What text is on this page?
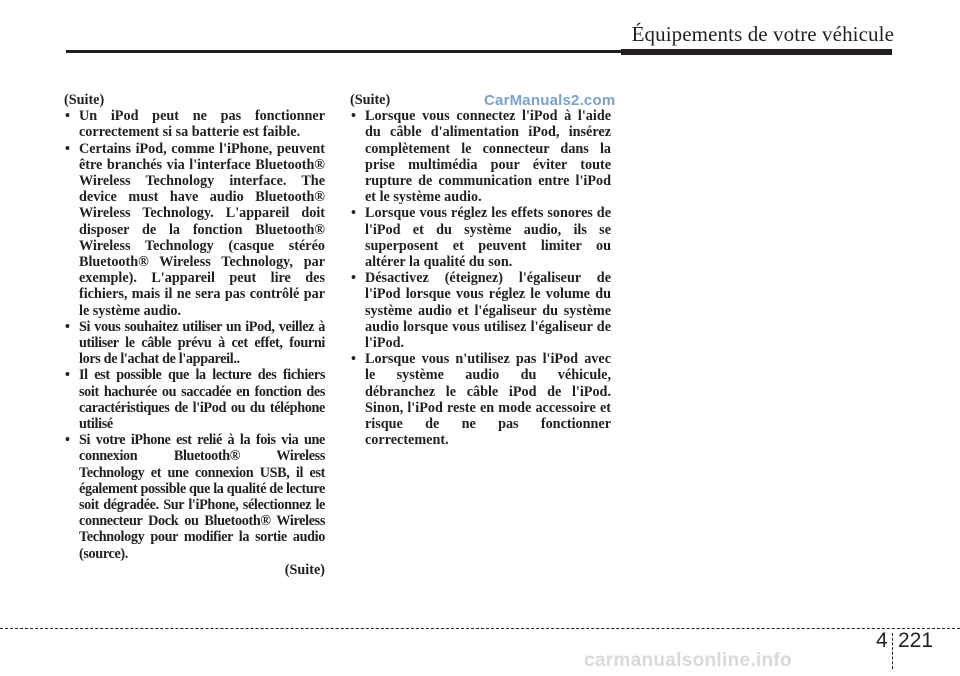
Équipements de votre véhicule
CarManuals2.com

(Suite)

• Un iPod peut ne pas fonctionner correctement si sa batterie est faible.
• Certains iPod, comme l'iPhone, peuvent être branchés via l'interface Bluetooth® Wireless Technology interface. The device must have audio Bluetooth® Wireless Technology. L'appareil doit disposer de la fonction Bluetooth® Wireless Technology (casque stéréo Bluetooth® Wireless Technology, par exemple). L'appareil peut lire des fichiers, mais il ne sera pas contrôlé par le système audio.
• Si vous souhaitez utiliser un iPod, veillez à utiliser le câble prévu à cet effet, fourni lors de l'achat de l'appareil..
• Il est possible que la lecture des fichiers soit hachurée ou saccadée en fonction des caractéristiques de l'iPod ou du téléphone utilisé
• Si votre iPhone est relié à la fois via une connexion Bluetooth® Wireless Technology et une connexion USB, il est également possible que la qualité de lecture soit dégradée. Sur l'iPhone, sélectionnez le connecteur Dock ou Bluetooth® Wireless Technology pour modifier la sortie audio (source).

(Suite)

(Suite)

• Lorsque vous connectez l'iPod à l'aide du câble d'alimentation iPod, insérez complètement le connecteur dans la prise multimédia pour éviter toute rupture de communication entre l'iPod et le système audio.
• Lorsque vous réglez les effets sonores de l'iPod et du système audio, ils se superposent et peuvent limiter ou altérer la qualité du son.
• Désactivez (éteignez) l'égaliseur de l'iPod lorsque vous réglez le volume du système audio et l'égaliseur du système audio lorsque vous utilisez l'égaliseur de l'iPod.
• Lorsque vous n'utilisez pas l'iPod avec le système audio du véhicule, débranchez le câble iPod de l'iPod. Sinon, l'iPod reste en mode accessoire et risque de ne pas fonctionner correctement.
4 221
carmanualsonline.info
